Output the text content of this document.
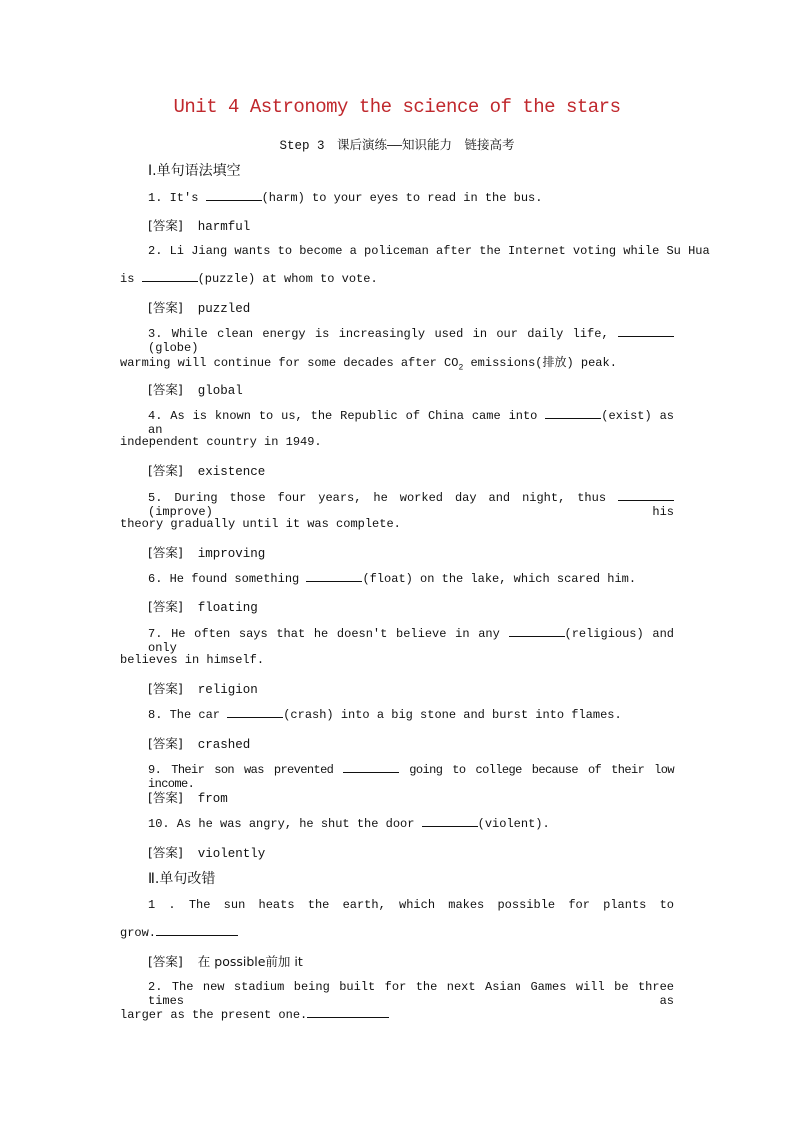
Unit 4 Astronomy the science of the stars
Step 3　课后演练——知识能力　链接高考
Ⅰ.单句语法填空
1. It's	(harm) to your eyes to read in the bus.
[答案] harmful
2. Li Jiang wants to become a policeman after the Internet voting while Su Hua
is	(puzzle) at whom to vote.
[答案] puzzled
3. While clean energy is increasingly used in our daily life, (globe)
warming will continue for some decades after $CO_2$ emissions(排放) peak.
[答案] global
4. As is known to us, the Republic of China came into	(exist) as an
independent country in 1949.
[答案] existence
5. During those four years, he worked day and night, thus (improve) his
theory gradually until it was complete.
[答案] improving
6. He found something	(float) on the lake, which scared him.
[答案] floating
7. He often says that he doesn't believe in any	(religious) and only
believes in himself.
[答案] religion
8. The car	(crash) into a big stone and burst into flames.
[答案] crashed
9. Their son was prevented	going to college because of their low income.
[答案] from
10. As he was angry, he shut the door	(violent).
[答案] violently
Ⅱ.单句改错
1 . The sun heats the earth, which makes possible for plants to
grow.
[答案] 在 possible前加 it
2. The new stadium being built for the next Asian Games will be three times as
larger as the present one.
